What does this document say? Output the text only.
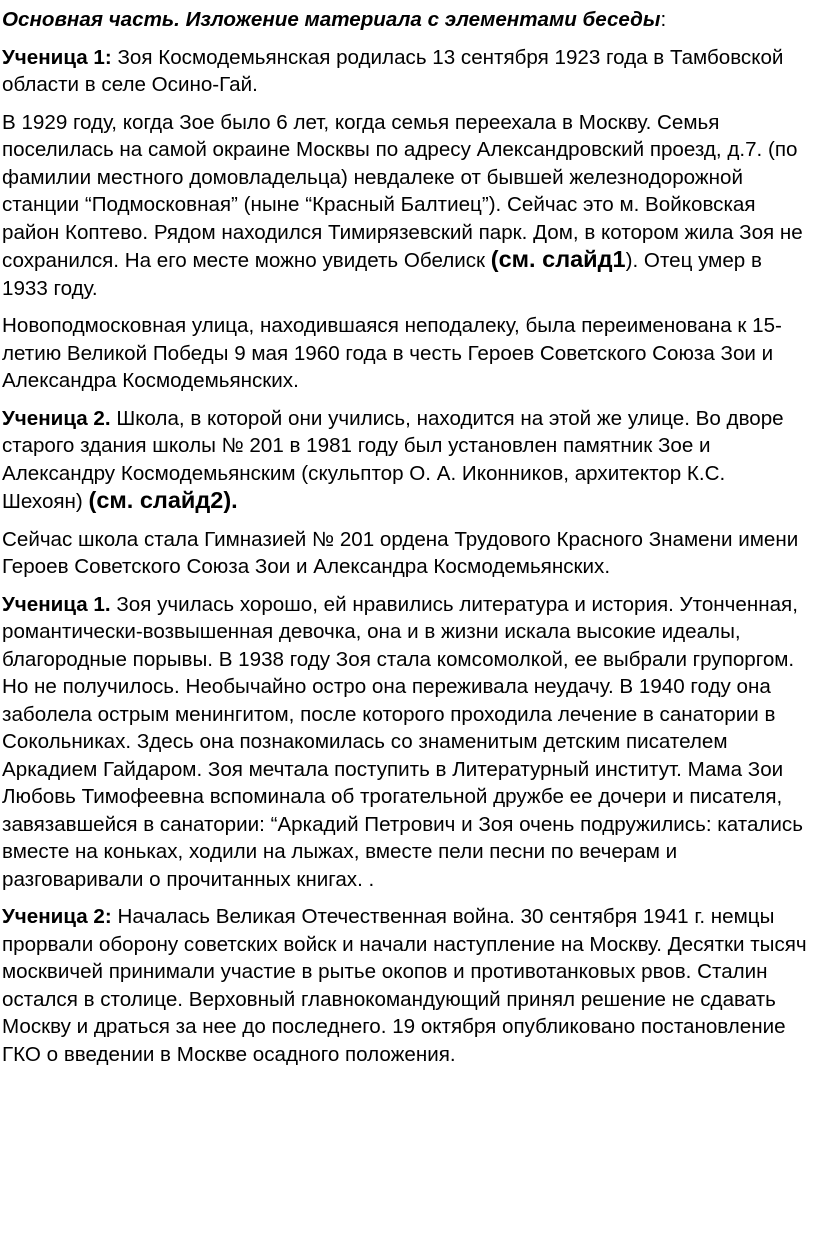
Основная часть. Изложение материала с элементами беседы:

Ученица 1: Зоя Космодемьянская родилась 13 сентября 1923 года в Тамбовской области в селе Осино-Гай.

В 1929 году, когда Зое было 6 лет, когда семья переехала в Москву. Семья поселилась на самой окраине Москвы по адресу Александровский проезд, д.7. (по фамилии местного домовладельца) невдалеке от бывшей железнодорожной станции “Подмосковная” (ныне “Красный Балтиец”). Сейчас это м. Войковская район Коптево. Рядом находился Тимирязевский парк. Дом, в котором жила Зоя не сохранился. На его месте можно увидеть Обелиск (см. слайд1). Отец умер в 1933 году.

Новоподмосковная улица, находившаяся неподалеку, была переименована к 15-летию Великой Победы 9 мая 1960 года в честь Героев Советского Союза Зои и Александра Космодемьянских.

Ученица 2. Школа, в которой они учились, находится на этой же улице. Во дворе старого здания школы № 201 в 1981 году был установлен памятник Зое и Александру Космодемьянским (скульптор О. А. Иконников, архитектор К.С. Шехоян) (см. слайд2).

Сейчас школа стала Гимназией № 201 ордена Трудового Красного Знамени имени Героев Советского Союза Зои и Александра Космодемьянских.

Ученица 1. Зоя училась хорошо, ей нравились литература и история. Утонченная, романтически-возвышенная девочка, она и в жизни искала высокие идеалы, благородные порывы. В 1938 году Зоя стала комсомолкой, ее выбрали групоргом. Но не получилось. Необычайно остро она переживала неудачу. В 1940 году она заболела острым менингитом, после которого проходила лечение в санатории в Сокольниках. Здесь она познакомилась со знаменитым детским писателем Аркадием Гайдаром. Зоя мечтала поступить в Литературный институт. Мама Зои Любовь Тимофеевна вспоминала об трогательной дружбе ее дочери и писателя, завязавшейся в санатории: “Аркадий Петрович и Зоя очень подружились: катались вместе на коньках, ходили на лыжах, вместе пели песни по вечерам и разговаривали о прочитанных книгах. .

Ученица 2: Началась Великая Отечественная война. 30 сентября 1941 г. немцы прорвали оборону советских войск и начали наступление на Москву. Десятки тысяч москвичей принимали участие в рытье окопов и противотанковых рвов. Сталин остался в столице. Верховный главнокомандующий принял решение не сдавать Москву и драться за нее до последнего. 19 октября опубликовано постановление ГКО о введении в Москве осадного положения.
